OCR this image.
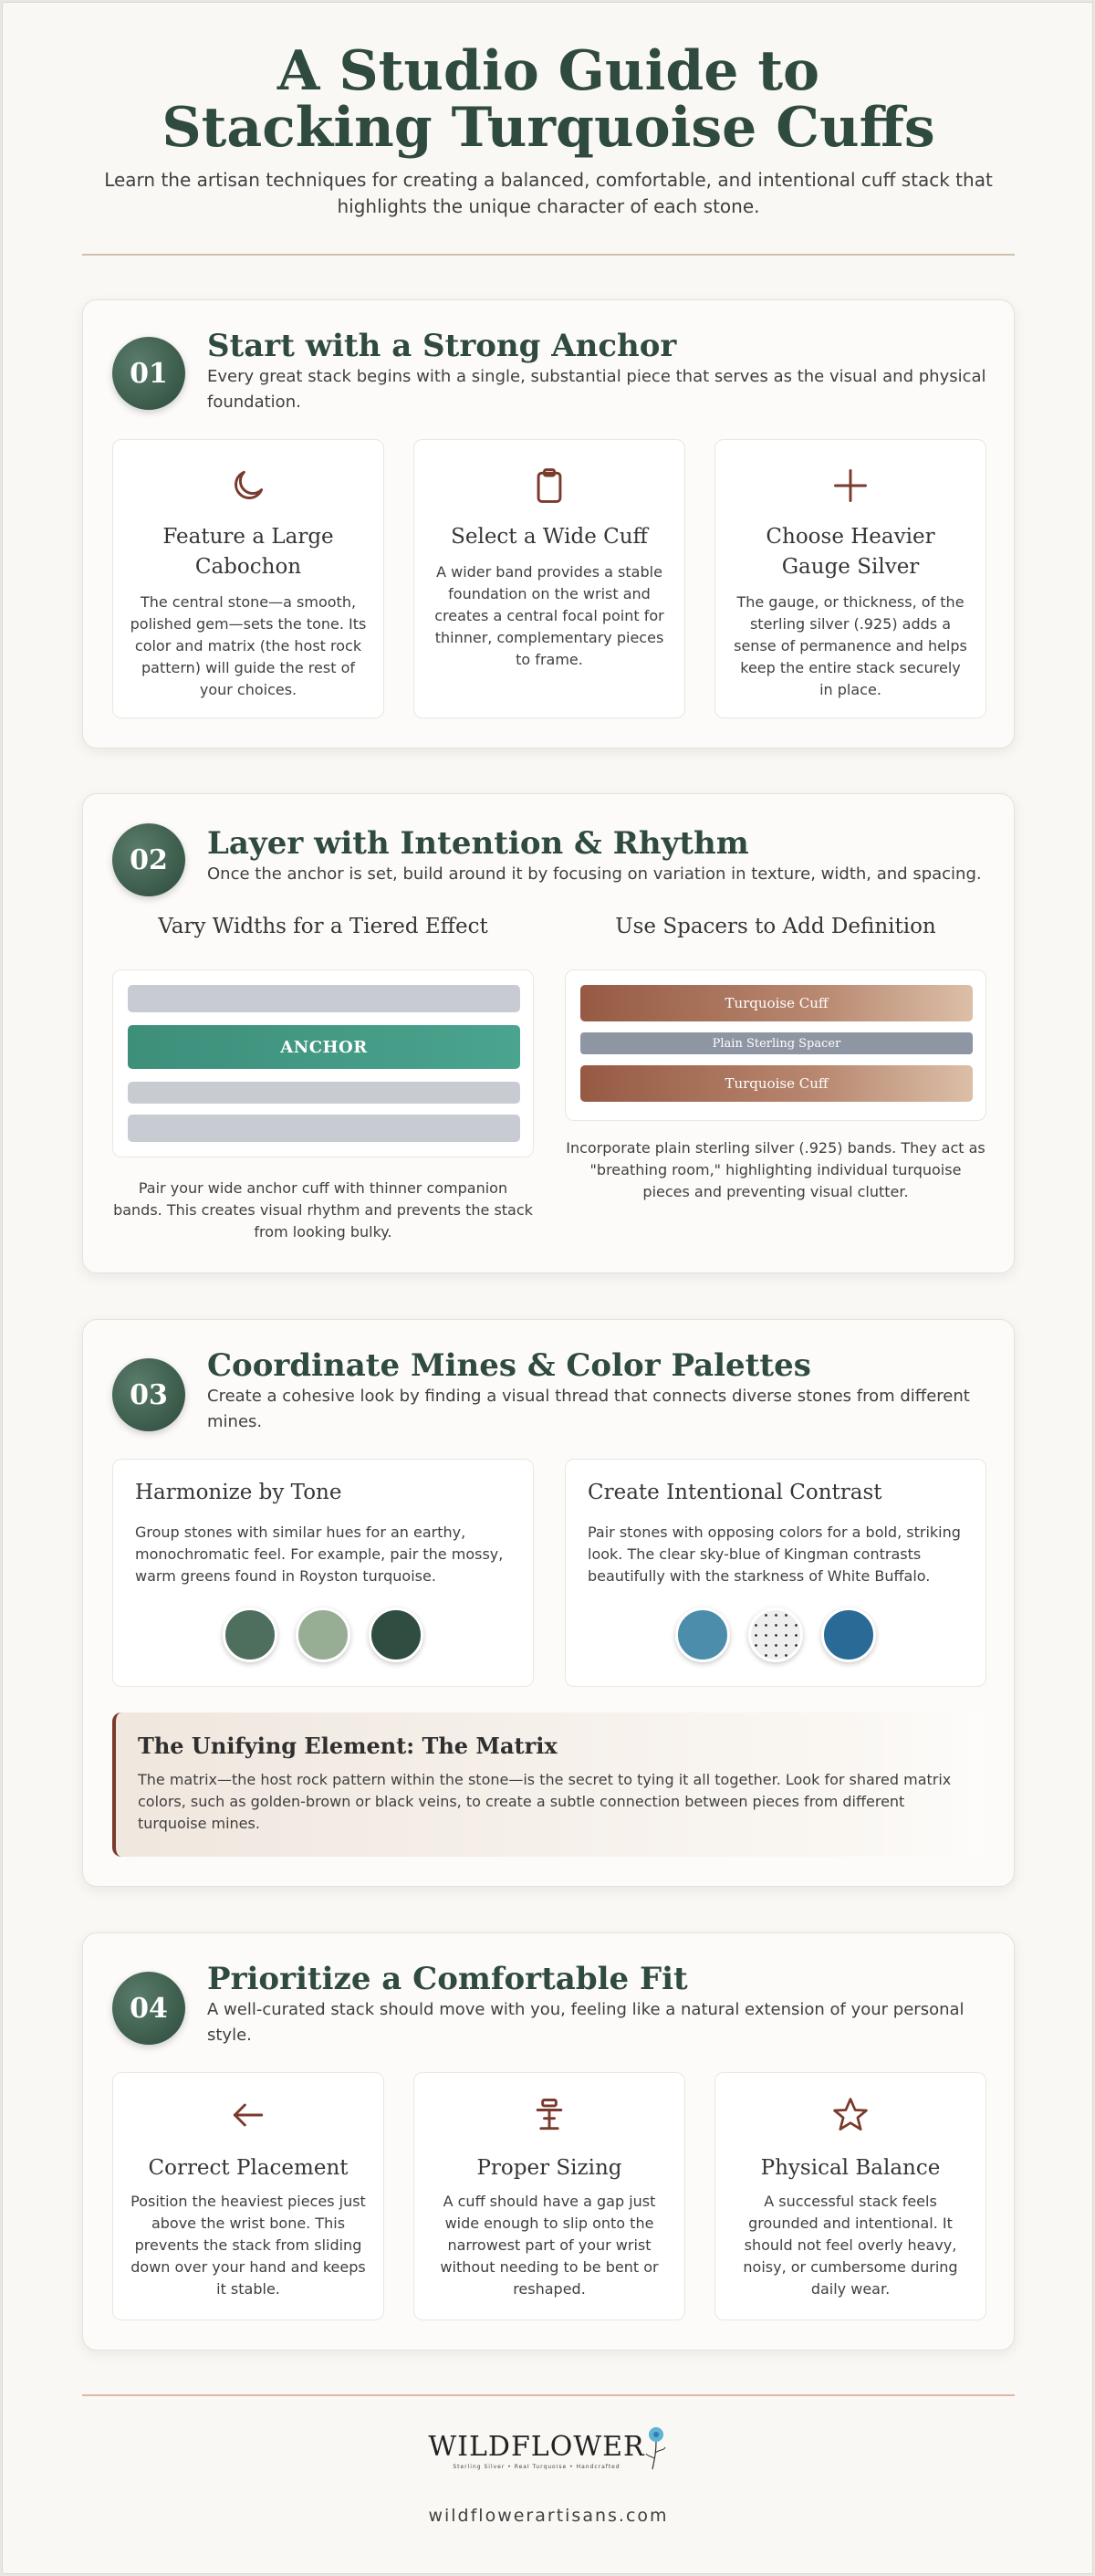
A Studio Guide to Stacking Turquoise Cuffs

Learn the artisan techniques for creating a balanced, comfortable, and intentional cuff stack that highlights the unique character of each stone.

01
Start with a Strong Anchor

Every great stack begins with a single, substantial piece that serves as the visual and physical foundation.

Feature a Large Cabochon
The central stone—a smooth, polished gem—sets the tone. Its color and matrix (the host rock pattern) will guide the rest of your choices.
Select a Wide Cuff
A wider band provides a stable foundation on the wrist and creates a central focal point for thinner, complementary pieces to frame.
Choose Heavier Gauge Silver
The gauge, or thickness, of the sterling silver (.925) adds a sense of permanence and helps keep the entire stack securely in place.
02	Layer with Intention & Rhythm

Once the anchor is set, build around it by focusing on variation in texture, width, and spacing.

Vary Widths for a Tiered Effect
ANCHOR

Pair your wide anchor cuff with thinner companion bands. This creates visual rhythm and prevents the stack from looking bulky.

Use Spacers to Add Definition
Turquoise Cuff
Plain Sterling Spacer
Turquoise Cuff

Incorporate plain sterling silver (.925) bands. They act as "breathing room," highlighting individual turquoise pieces and preventing visual clutter.

03
Coordinate Mines & Color Palettes

Create a cohesive look by finding a visual thread that connects diverse stones from different mines.

Harmonize by Tone
Group stones with similar hues for an earthy, monochromatic feel. For example, pair the mossy, warm greens found in Royston turquoise.
Create Intentional Contrast
Pair stones with opposing colors for a bold, striking look. The clear sky-blue of Kingman contrasts beautifully with the starkness of White Buffalo.
The Unifying Element: The Matrix
The matrix—the host rock pattern within the stone—is the secret to tying it all together. Look for shared matrix colors, such as golden-brown or black veins, to create a subtle connection between pieces from different turquoise mines.
04
Prioritize a Comfortable Fit

A well-curated stack should move with you, feeling like a natural extension of your personal style.

Correct Placement
Position the heaviest pieces just above the wrist bone. This prevents the stack from sliding down over your hand and keeps it stable.
Proper Sizing
A cuff should have a gap just wide enough to slip onto the narrowest part of your wrist without needing to be bent or reshaped.
Physical Balance
A successful stack feels grounded and intentional. It should not feel overly heavy, noisy, or cumbersome during daily wear.
WILDFLOWER
Sterling Silver • Real Turquoise • Handcrafted
wildflowerartisans.com
